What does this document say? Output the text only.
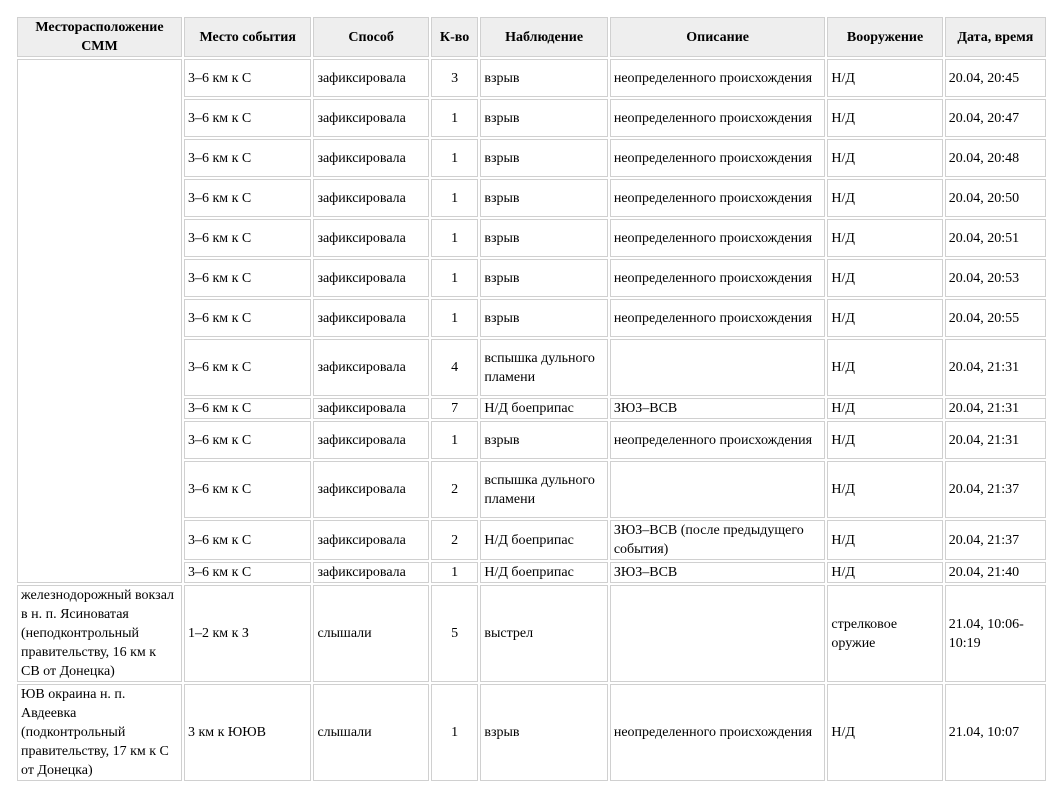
Месторасположение СММ	Место события	Способ	К-во	Наблюдение	Описание	Вооружение	Дата, время
	3–6 км к С	зафиксировала	3	взрыв	неопределенного происхождения	Н/Д	20.04, 20:45
	3–6 км к С	зафиксировала	1	взрыв	неопределенного происхождения	Н/Д	20.04, 20:47
	3–6 км к С	зафиксировала	1	взрыв	неопределенного происхождения	Н/Д	20.04, 20:48
	3–6 км к С	зафиксировала	1	взрыв	неопределенного происхождения	Н/Д	20.04, 20:50
	3–6 км к С	зафиксировала	1	взрыв	неопределенного происхождения	Н/Д	20.04, 20:51
	3–6 км к С	зафиксировала	1	взрыв	неопределенного происхождения	Н/Д	20.04, 20:53
	3–6 км к С	зафиксировала	1	взрыв	неопределенного происхождения	Н/Д	20.04, 20:55
	3–6 км к С	зафиксировала	4	вспышка дульного пламени		Н/Д	20.04, 21:31
	3–6 км к С	зафиксировала	7	Н/Д боеприпас	ЗЮЗ–ВСВ	Н/Д	20.04, 21:31
	3–6 км к С	зафиксировала	1	взрыв	неопределенного происхождения	Н/Д	20.04, 21:31
	3–6 км к С	зафиксировала	2	вспышка дульного пламени		Н/Д	20.04, 21:37
	3–6 км к С	зафиксировала	2	Н/Д боеприпас	ЗЮЗ–ВСВ (после предыдущего события)	Н/Д	20.04, 21:37
	3–6 км к С	зафиксировала	1	Н/Д боеприпас	ЗЮЗ–ВСВ	Н/Д	20.04, 21:40
железнодорожный вокзал в н. п. Ясиноватая (неподконтрольный правительству, 16 км к СВ от Донецка)	1–2 км к З	слышали	5	выстрел		стрелковое оружие	21.04, 10:06-10:19
ЮВ окраина н. п. Авдеевка (подконтрольный правительству, 17 км к С от Донецка)	3 км к ЮЮВ	слышали	1	взрыв	неопределенного происхождения	Н/Д	21.04, 10:07
